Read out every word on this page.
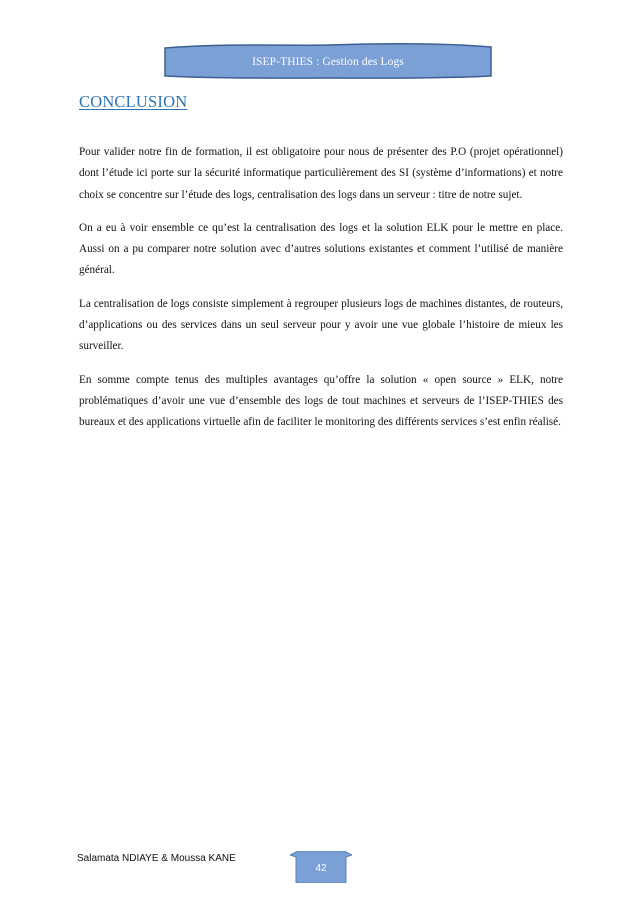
ISEP-THIES : Gestion des Logs
CONCLUSION

Pour valider notre fin de formation, il est obligatoire pour nous de présenter des P.O (projet opérationnel) dont l’étude ici porte sur la sécurité informatique particulièrement des SI (système d’informations) et notre choix se concentre sur l’étude des logs, centralisation des logs dans un serveur : titre de notre sujet.

On a eu à voir ensemble ce qu’est la centralisation des logs et la solution ELK pour le mettre en place. Aussi on a pu comparer notre solution avec d’autres solutions existantes et comment l’utilisé de manière général.

La centralisation de logs consiste simplement à regrouper plusieurs logs de machines distantes, de routeurs, d’applications ou des services dans un seul serveur pour y avoir une vue globale l’histoire de mieux les surveiller.

En somme compte tenus des multiples avantages qu’offre la solution « open source » ELK, notre problématiques d’avoir une vue d’ensemble des logs de tout machines et serveurs de l’ISEP-THIES des bureaux et des applications virtuelle afin de faciliter le monitoring des différents services s’est enfin réalisé.

Salamata NDIAYE & Moussa KANE
42
